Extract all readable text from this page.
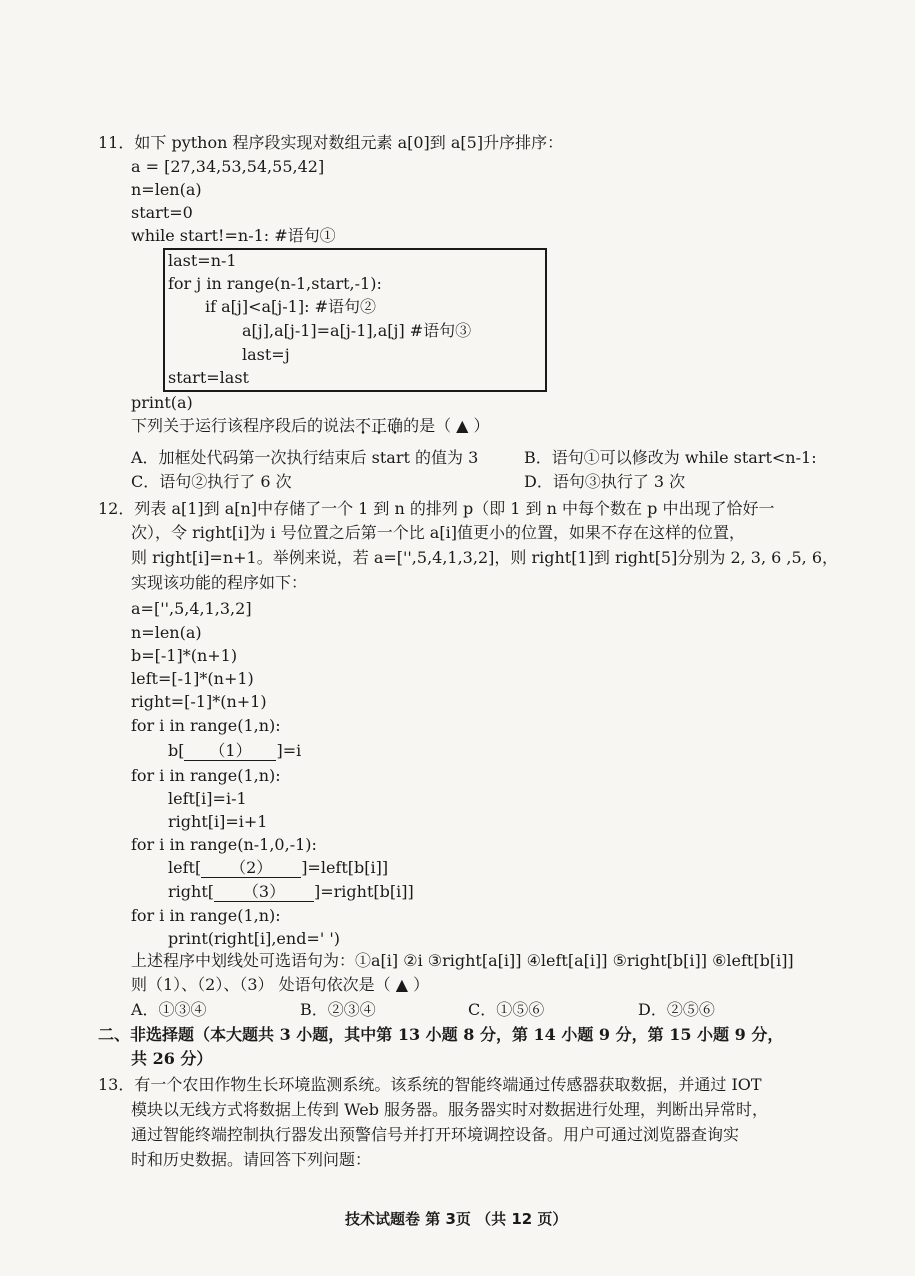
11．如下 python 程序段实现对数组元素 a[0]到 a[5]升序排序：
a = [27,34,53,54,55,42]
n=len(a)
start=0
while start!=n-1: #语句①
last=n-1
for j in range(n-1,start,-1):
if a[j]<a[j-1]: #语句②
a[j],a[j-1]=a[j-1],a[j] #语句③
last=j
start=last
print(a)
下列关于运行该程序段后的说法不正确的是（ ▲ ）
A．加框处代码第一次执行结束后 start 的值为 3	B．语句①可以修改为 while start<n-1:
C．语句②执行了 6 次	D．语句③执行了 3 次
12．列表 a[1]到 a[n]中存储了一个 1 到 n 的排列 p（即 1 到 n 中每个数在 p 中出现了恰好一
次），令 right[i]为 i 号位置之后第一个比 a[i]值更小的位置，如果不存在这样的位置，
则 right[i]=n+1。举例来说，若 a=['',5,4,1,3,2]，则 right[1]到 right[5]分别为 2, 3, 6 ,5, 6，
实现该功能的程序如下：
a=['',5,4,1,3,2]
n=len(a)
b=[-1]*(n+1)
left=[-1]*(n+1)
right=[-1]*(n+1)
for i in range(1,n):
b[ （1） ]=i
for i in range(1,n):
left[i]=i-1
right[i]=i+1
for i in range(n-1,0,-1):
left[ （2） ]=left[b[i]]
right[ （3） ]=right[b[i]]
for i in range(1,n):
print(right[i],end=' ')
上述程序中划线处可选语句为：①a[i] ②i ③right[a[i]] ④left[a[i]] ⑤right[b[i]] ⑥left[b[i]]
则（1）、（2）、（3） 处语句依次是（ ▲ ）
A．①③④	B．②③④	C．①⑤⑥	D．②⑤⑥
二、非选择题（本大题共 3 小题，其中第 13 小题 8 分，第 14 小题 9 分，第 15 小题 9 分，
共 26 分）
13．有一个农田作物生长环境监测系统。该系统的智能终端通过传感器获取数据，并通过 IOT
模块以无线方式将数据上传到 Web 服务器。服务器实时对数据进行处理，判断出异常时，
通过智能终端控制执行器发出预警信号并打开环境调控设备。用户可通过浏览器查询实
时和历史数据。请回答下列问题：
技术试题卷 第 3页 （共 12 页）
